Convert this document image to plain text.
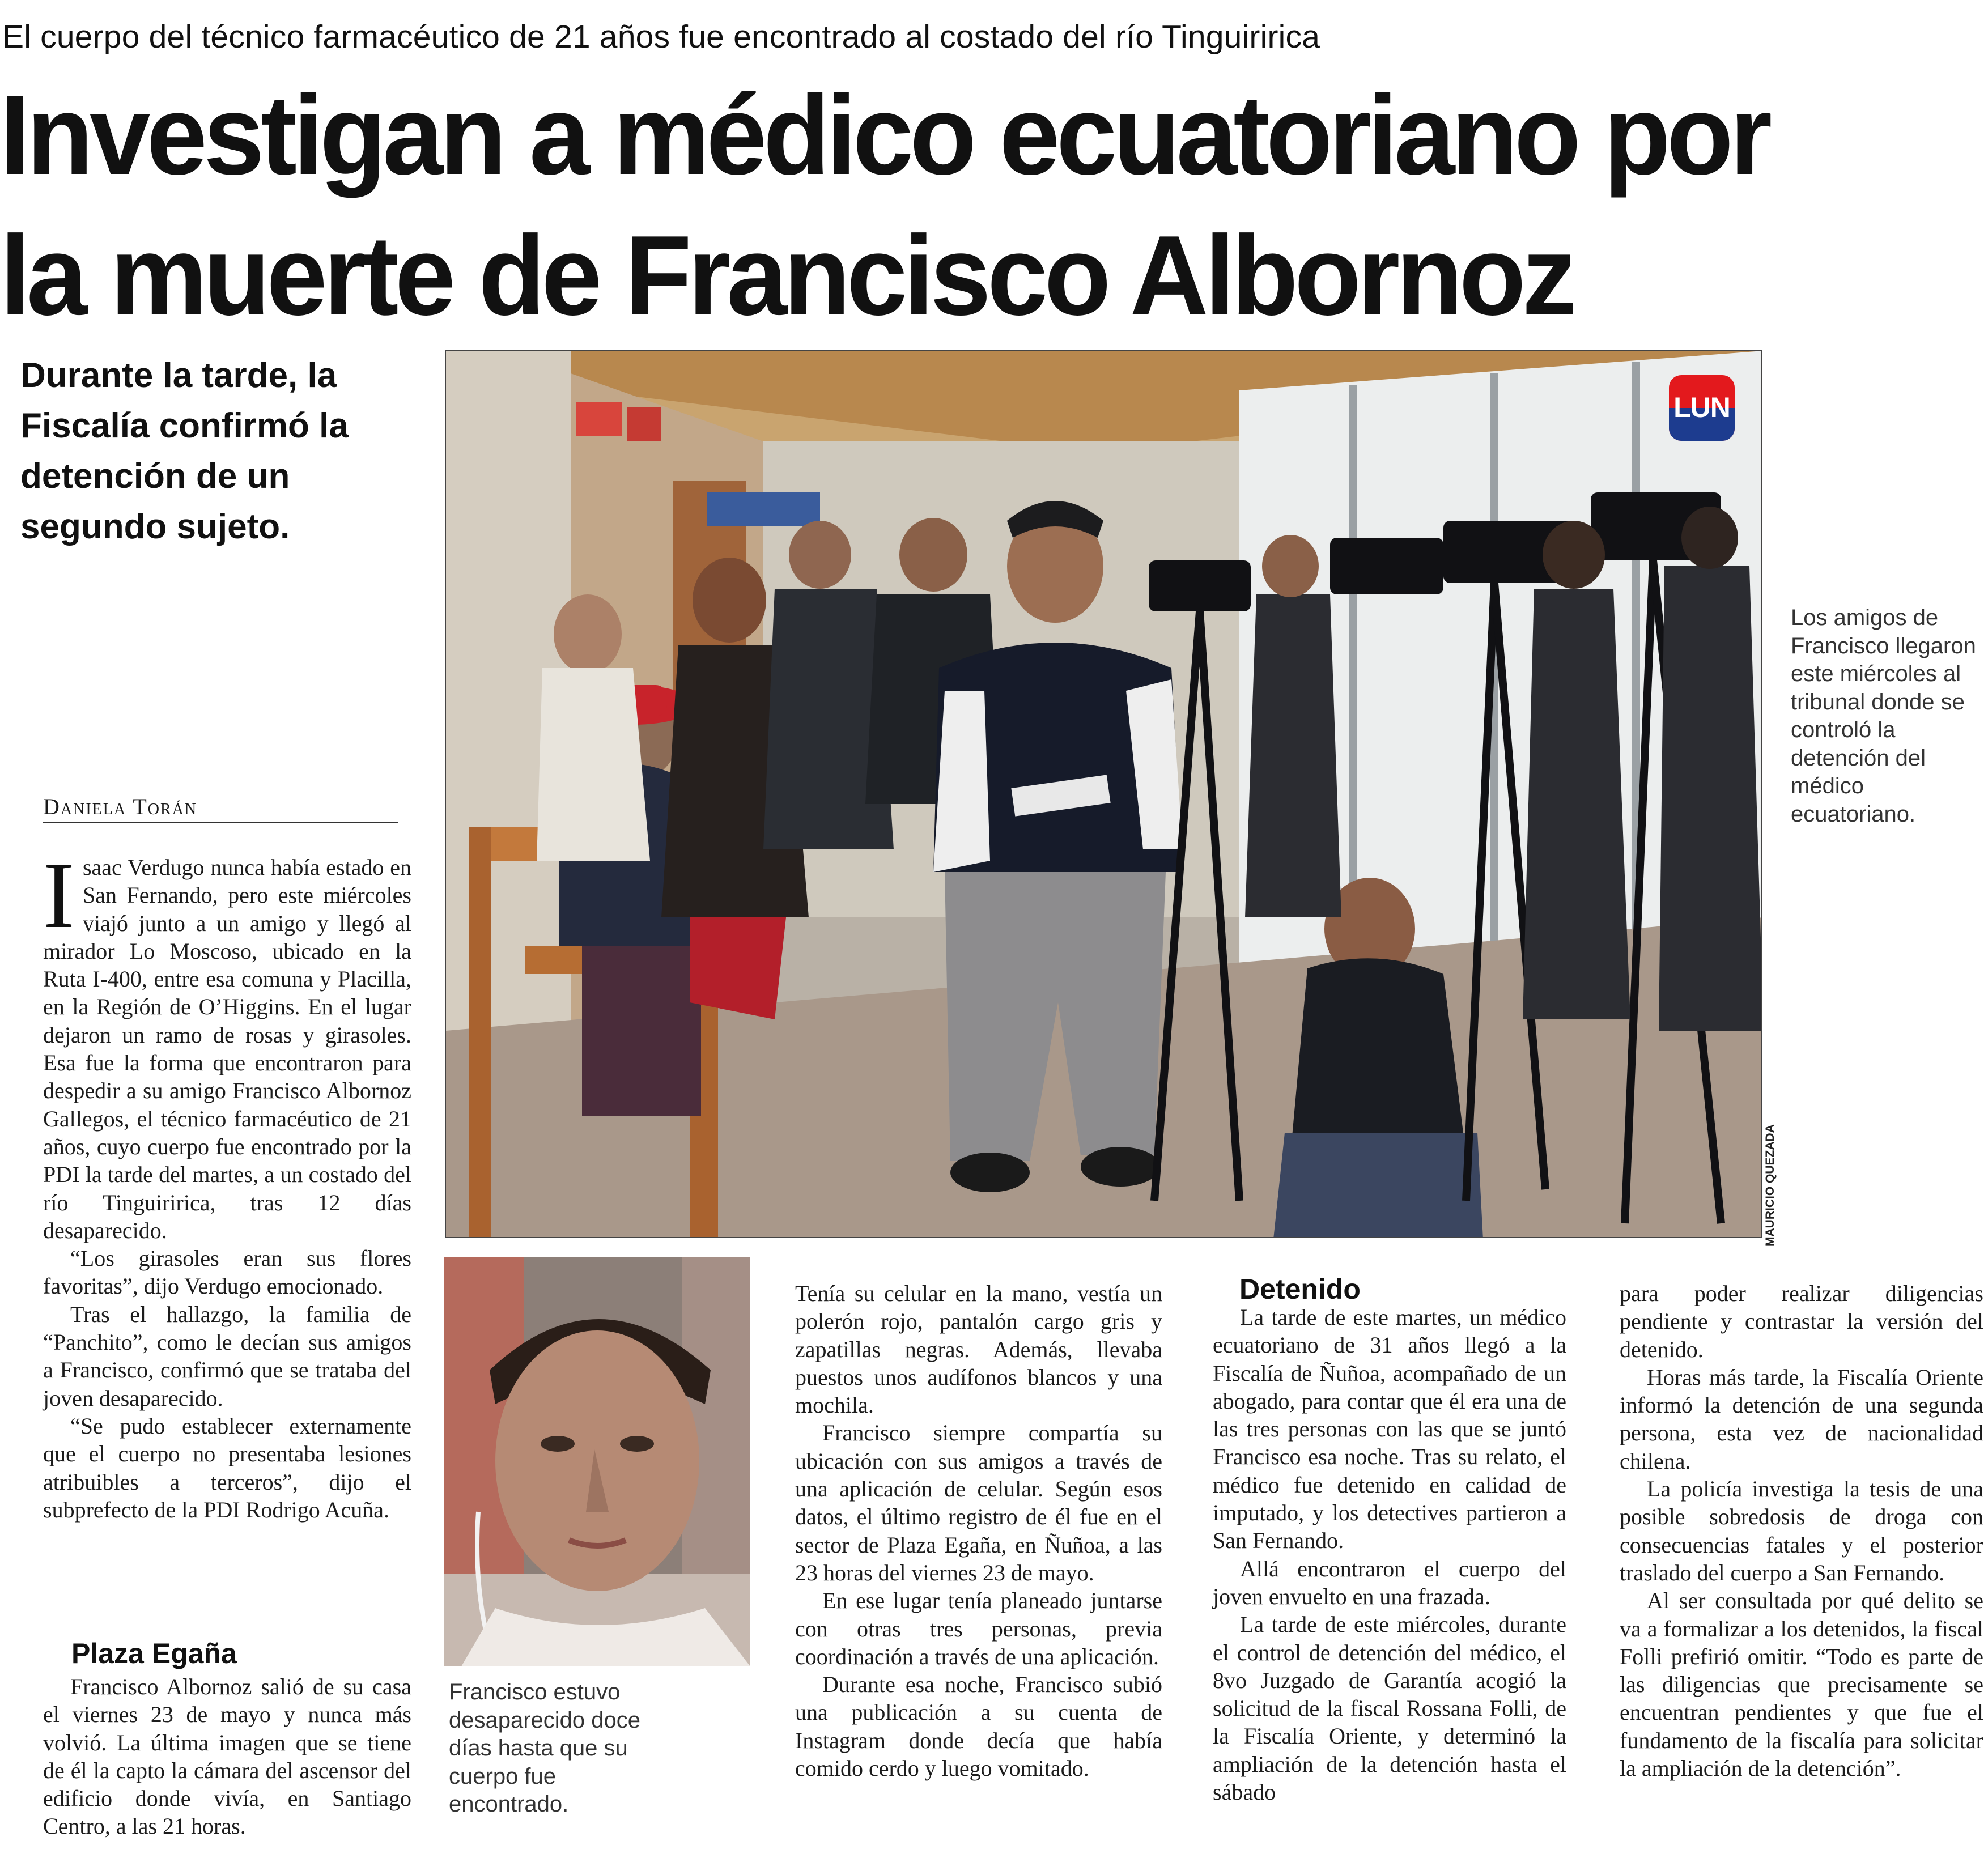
El cuerpo del técnico farmacéutico de 21 años fue encontrado al costado del río Tinguiririca
Investigan a médico ecuatoriano por
la muerte de Francisco Albornoz
Durante la tarde, la Fiscalía confirmó la detención de un segundo sujeto.
LUN
MAURICIO QUEZADA
Los amigos de Francisco llegaron este miércoles al tribunal donde se controló la detención del médico ecuatoriano.
Francisco estuvo desaparecido doce días hasta que su cuerpo fue encontrado.
Daniela Torán
I saac Verdugo nunca había estado en San Fernando, pero este miércoles viajó junto a un amigo y llegó al mirador Lo Moscoso, ubicado en la Ruta I-400, entre esa comuna y Placilla, en la Región de O’Higgins. En el lugar dejaron un ramo de rosas y girasoles. Esa fue la forma que encontraron para despedir a su amigo Francisco Albornoz Gallegos, el técnico farmacéutico de 21 años, cuyo cuerpo fue encontrado por la PDI la tarde del martes, a un costado del río Tinguiririca, tras 12 días desaparecido.

“Los girasoles eran sus flores favoritas”, dijo Verdugo emocionado.

Tras el hallazgo, la familia de “Panchito”, como le decían sus amigos a Francisco, confirmó que se trataba del joven desaparecido.

“Se pudo establecer externamente que el cuerpo no presentaba lesiones atribuibles a terceros”, dijo el subprefecto de la PDI Rodrigo Acuña.

Plaza Egaña

Francisco Albornoz salió de su casa el viernes 23 de mayo y nunca más volvió. La última imagen que se tiene de él la capto la cámara del ascensor del edificio donde vivía, en Santiago Centro, a las 21 horas.

Tenía su celular en la mano, vestía un polerón rojo, pantalón cargo gris y zapatillas negras. Además, llevaba puestos unos audífonos blancos y una mochila.

Francisco siempre compartía su ubicación con sus amigos a través de una aplicación de celular. Según esos datos, el último registro de él fue en el sector de Plaza Egaña, en Ñuñoa, a las 23 horas del viernes 23 de mayo.

En ese lugar tenía planeado juntarse con otras tres personas, previa coordinación a través de una aplicación.

Durante esa noche, Francisco subió una publicación a su cuenta de Instagram donde decía que había comido cerdo y luego vomitado.

Detenido

La tarde de este martes, un médico ecuatoriano de 31 años llegó a la Fiscalía de Ñuñoa, acompañado de un abogado, para contar que él era una de las tres personas con las que se juntó Francisco esa noche. Tras su relato, el médico fue detenido en calidad de imputado, y los detectives partieron a San Fernando.

Allá encontraron el cuerpo del joven envuelto en una frazada.

La tarde de este miércoles, durante el control de detención del médico, el 8vo Juzgado de Garantía acogió la solicitud de la fiscal Rossana Folli, de la Fiscalía Oriente, y determinó la ampliación de la detención hasta el sábado

para poder realizar diligencias pendiente y contrastar la versión del detenido.

Horas más tarde, la Fiscalía Oriente informó la detención de una segunda persona, esta vez de nacionalidad chilena.

La policía investiga la tesis de una posible sobredosis de droga con consecuencias fatales y el posterior traslado del cuerpo a San Fernando.

Al ser consultada por qué delito se va a formalizar a los detenidos, la fiscal Folli prefirió omitir. “Todo es parte de las diligencias que precisamente se encuentran pendientes y que fue el fundamento de la fiscalía para solicitar la ampliación de la detención”.
